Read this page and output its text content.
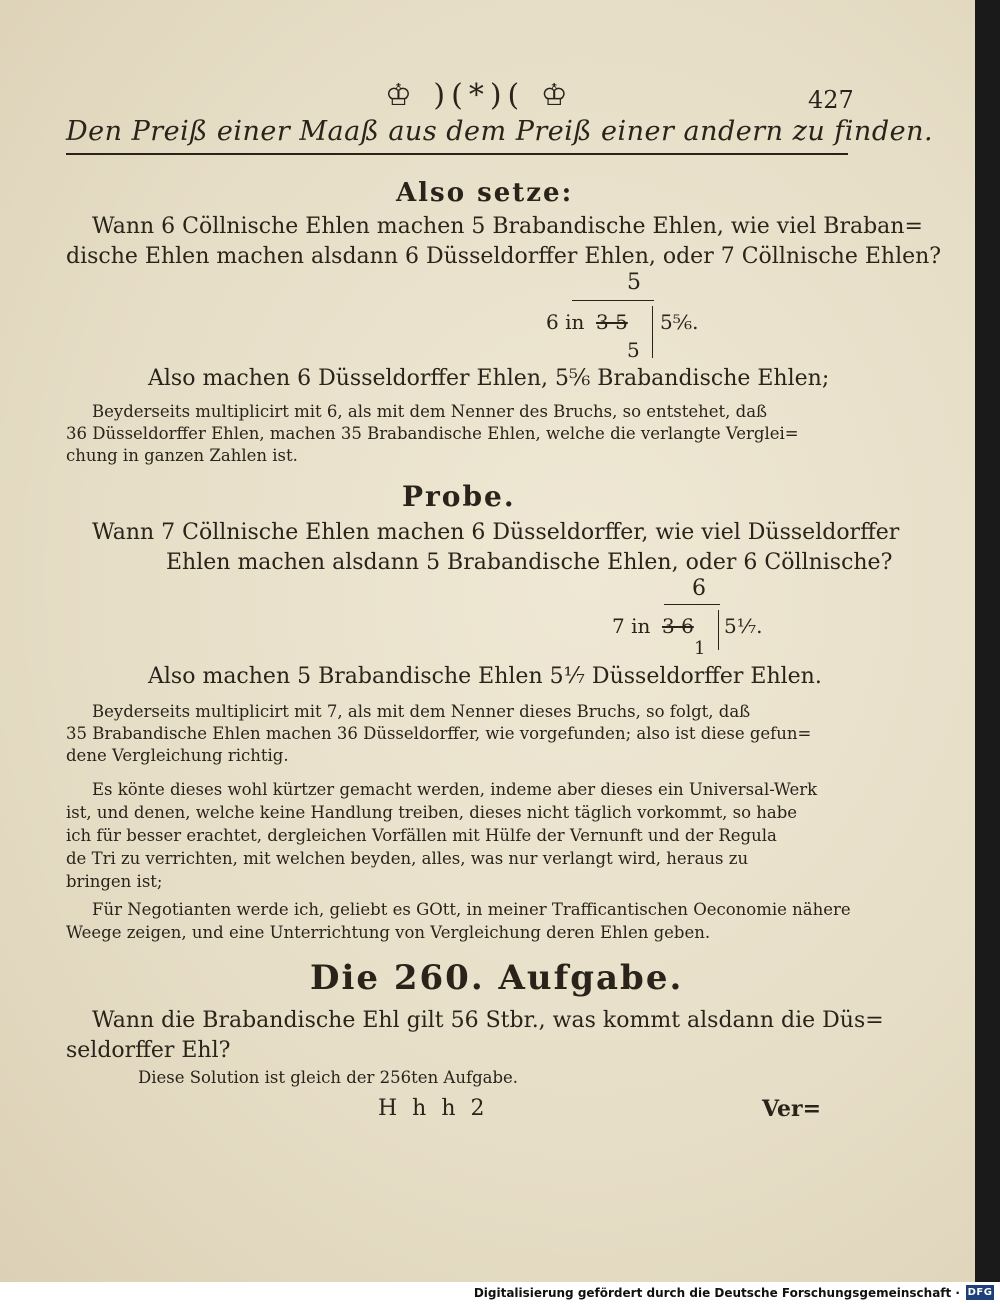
♔ )(*)( ♔	427
Den Preiß einer Maaß aus dem Preiß einer andern zu finden.
Also setze:
Wann 6 Cöllnische Ehlen machen 5 Brabandische Ehlen, wie viel Braban=
dische Ehlen machen alsdann 6 Düsseldorffer Ehlen, oder 7 Cöllnische Ehlen?
5
6 in 3 5 5⅚.
5
Also machen 6 Düsseldorffer Ehlen, 5⅚ Brabandische Ehlen;
Beyderseits multiplicirt mit 6, als mit dem Nenner des Bruchs, so entstehet, daß
36 Düsseldorffer Ehlen, machen 35 Brabandische Ehlen, welche die verlangte Verglei=
chung in ganzen Zahlen ist.
Probe.
Wann 7 Cöllnische Ehlen machen 6 Düsseldorffer, wie viel Düsseldorffer
Ehlen machen alsdann 5 Brabandische Ehlen, oder 6 Cöllnische?
6
7 in 3 6 5⅐.
1
Also machen 5 Brabandische Ehlen 5⅐ Düsseldorffer Ehlen.
Beyderseits multiplicirt mit 7, als mit dem Nenner dieses Bruchs, so folgt, daß
35 Brabandische Ehlen machen 36 Düsseldorffer, wie vorgefunden; also ist diese gefun=
dene Vergleichung richtig.
Es könte dieses wohl kürtzer gemacht werden, indeme aber dieses ein Universal-Werk
ist, und denen, welche keine Handlung treiben, dieses nicht täglich vorkommt, so habe
ich für besser erachtet, dergleichen Vorfällen mit Hülfe der Vernunft und der Regula
de Tri zu verrichten, mit welchen beyden, alles, was nur verlangt wird, heraus zu
bringen ist;
Für Negotianten werde ich, geliebt es GOtt, in meiner Trafficantischen Oeconomie nähere
Weege zeigen, und eine Unterrichtung von Vergleichung deren Ehlen geben.
Die 260. Aufgabe.
Wann die Brabandische Ehl gilt 56 Stbr., was kommt alsdann die Düs=
seldorffer Ehl?
Diese Solution ist gleich der 256ten Aufgabe.
H h h 2	Ver=
Digitalisierung gefördert durch die Deutsche Forschungsgemeinschaft · DFG
